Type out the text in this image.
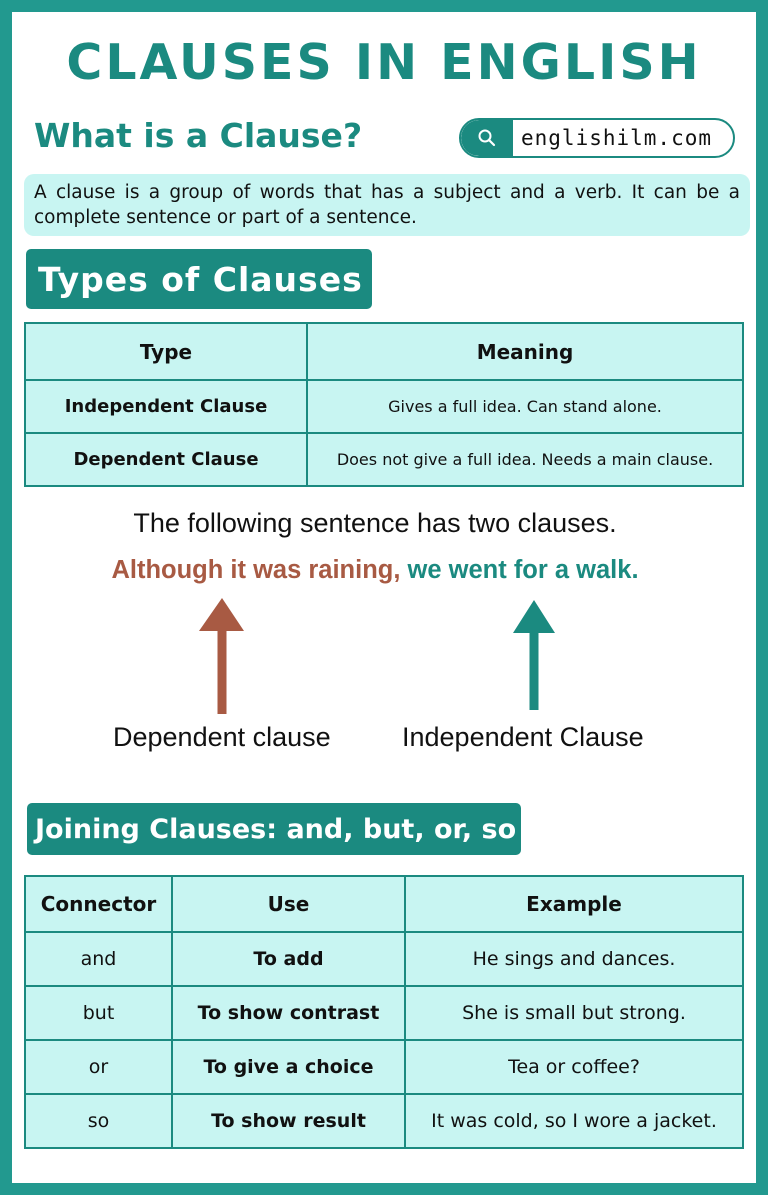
CLAUSES IN ENGLISH
What is a Clause?	englishilm.com
A clause is a group of words that has a subject and a verb. It can be a complete sentence or part of a sentence.
Types of Clauses
Type	Meaning
Independent Clause	Gives a full idea. Can stand alone.
Dependent Clause	Does not give a full idea. Needs a main clause.
The following sentence has two clauses.
Although it was raining, we went for a walk.
Dependent clause	Independent Clause
Joining Clauses: and, but, or, so
Connector	Use	Example
and	To add	He sings and dances.
but	To show contrast	She is small but strong.
or	To give a choice	Tea or coffee?
so	To show result	It was cold, so I wore a jacket.
